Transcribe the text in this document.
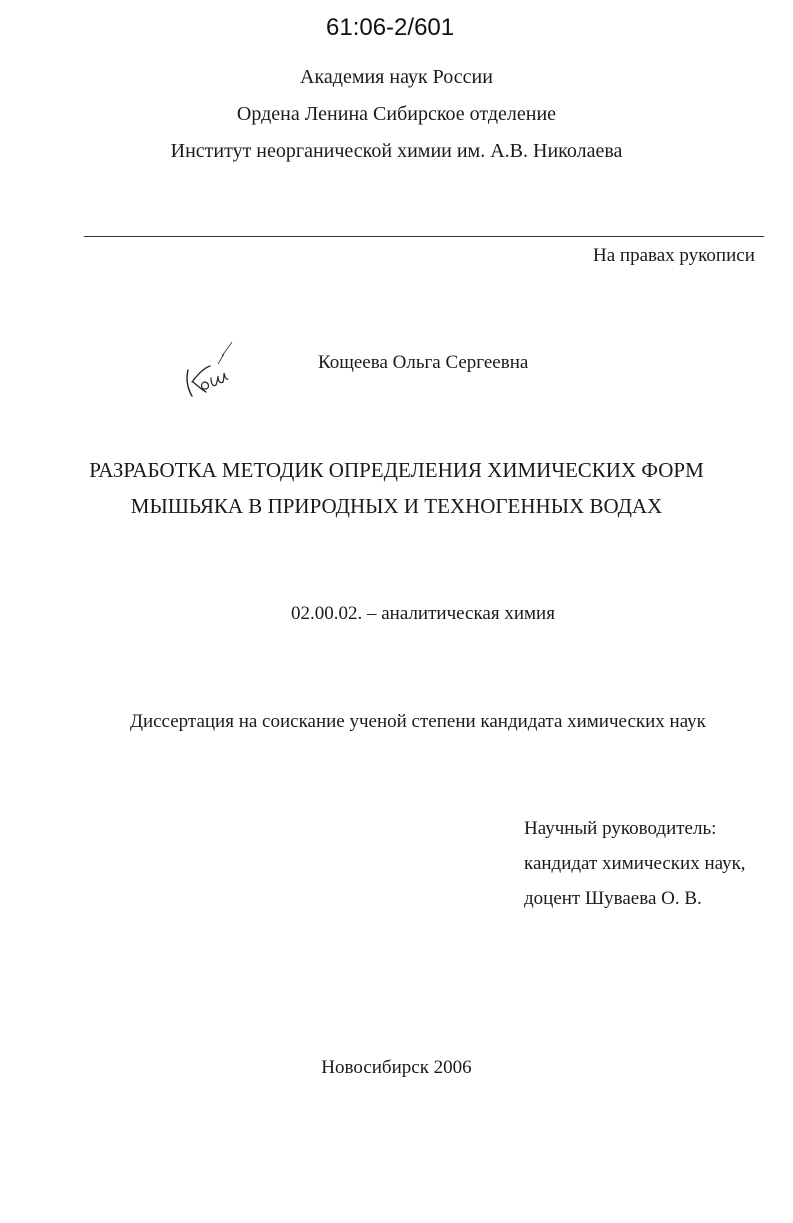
61:06-2/601
Академия наук России
Ордена Ленина Сибирское отделение
Институт неорганической химии им. А.В. Николаева
На правах рукописи
Кощеева Ольга Сергеевна
РАЗРАБОТКА МЕТОДИК ОПРЕДЕЛЕНИЯ ХИМИЧЕСКИХ ФОРМ
МЫШЬЯКА В ПРИРОДНЫХ И ТЕХНОГЕННЫХ ВОДАХ
02.00.02. – аналитическая химия
Диссертация на соискание ученой степени кандидата химических наук
Научный руководитель:
кандидат химических наук,
доцент Шуваева О. В.
Новосибирск 2006
